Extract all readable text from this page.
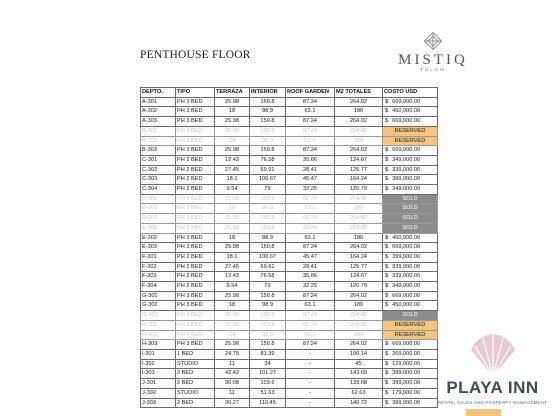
PENTHOUSE FLOOR	MISTIQ
TULUM
DEPTO.	TIPO	TERRAZA	INTERIOR	ROOF GARDEN	M2 TOTALES	COSTO USD
A-301	PH 3 BED	25.98	150.8	87.24	264.02	$ 669,000.00

A-302	PH 3 BED	18	98.9	63.1	180	$ 450,000.00

A-303	PH 3 BED	25.98	150.8	87.24	264.02	$ 669,000.00

B-301	PH 3 BED	25.98	150.8	87.24	264.02	RESERVED
B-302	PH 3 BED	18	98.9	63.1	180	RESERVED
B-303	PH 3 BED	25.98	150.8	87.24	264.02	$ 669,000.00

C-301	PH 2 BED	12.43	76.58	35.66	124.67	$ 349,000.00

C-302	PH 2 BED	27.45	69.91	28.41	125.77	$ 339,000.00

C-303	PH 2 BED	18.1	100.67	45.47	164.24	$ 399,000.00

C-304	PH 2 BED	9.54	79	32.25	120.79	$ 349,000.00

D-301	PH 3 BED	25.98	150.8	87.24	264.02	SOLD
D-302	PH 3 BED	18	98.9	63.1	180	SOLD
D-303	PH 3 BED	25.98	150.8	87.24	264.02	SOLD
E-301	PH 3 BED	25.98	150.8	87.24	264.02	SOLD
E-302	PH 3 BED	18	98.9	63.1	180	$ 450,000.00

E-303	PH 3 BED	25.98	150.8	87.24	264.02	$ 669,000.00

F-301	PH 2 BED	18.1	100.67	45.47	164.24	$ 399,000.00

F-302	PH 2 BED	27.45	69.91	28.41	125.77	$ 339,000.00

F-303	PH 2 BED	12.43	76.58	35.66	124.67	$ 339,000.00

F-304	PH 2 BED	9.54	79	32.25	120.79	$ 349,000.00

G-301	PH 3 BED	25.98	150.8	87.24	264.02	$ 669,000.00

G-302	PH 3 BED	18	98.9	63.1	180	$ 450,000.00

G-303	PH 3 BED	25.98	150.8	87.24	264.02	SOLD
H-301	PH 3 BED	25.98	150.8	87.24	264.02	RESERVED
H-302	PH 3 BED	18	98.9	63.1	180	RESERVED
H-303	PH 3 BED	25.98	150.8	87.24	264.02	$ 669,000.00

I-301	1 BED	24.75	81.39	-	106.14	$ 269,000.00

I-302	STUDIO	11	34	-	45	$ 129,000.00

I-303	2 BED	42.42	101.27	-	143.69	$ 399,000.00

J-301	2 BED	30.08	103.6	-	133.68	$ 399,000.00

J-302	STUDIO	11	51.63	-	62.63	$ 179,000.00

J-303	2 BED	30.27	110.45	-	140.72	$ 399,000.00
PLAYA INN
RENTS, SALES AND PROPERTY MANAGEMENT
